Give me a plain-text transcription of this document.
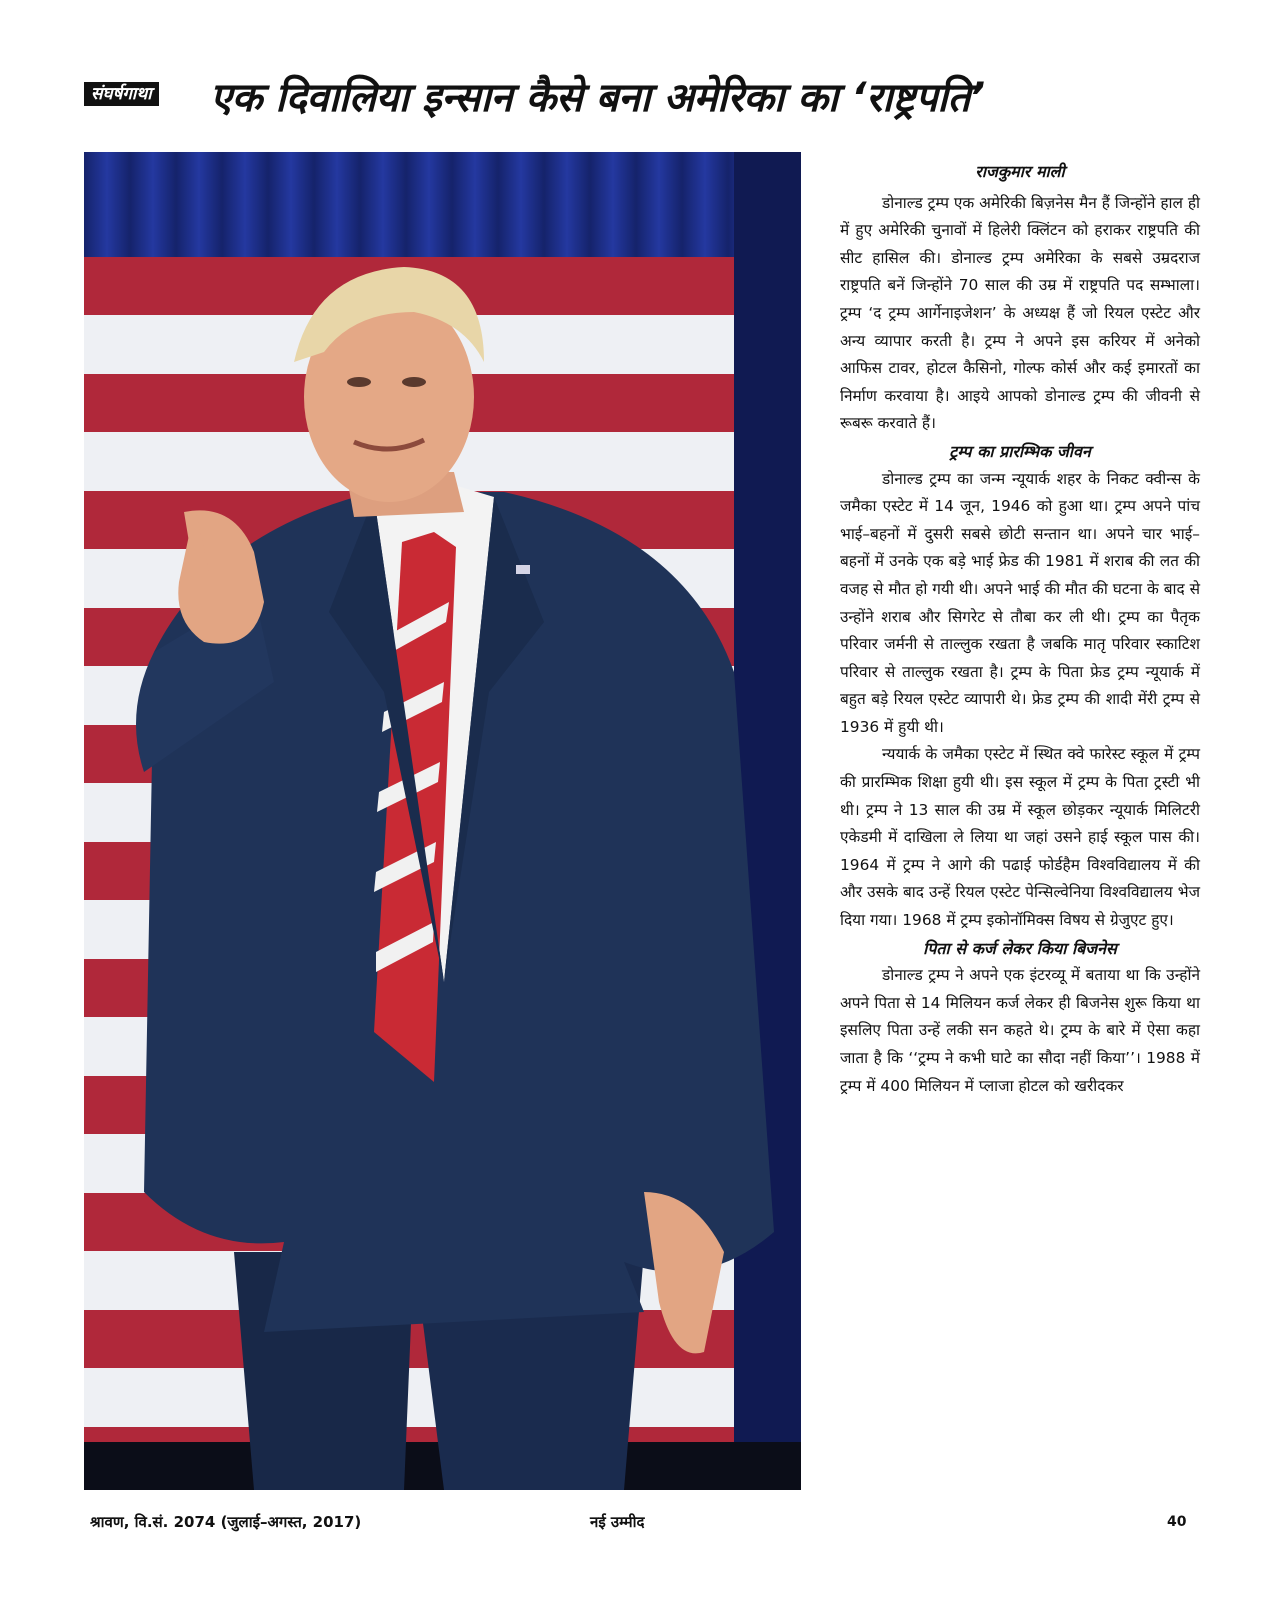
संघर्षगाथा एक दिवालिया इन्सान कैसे बना अमेरिका का ‘राष्ट्रपति’
राजकुमार माली

डोनाल्ड ट्रम्प एक अमेरिकी बिज़नेस मैन हैं जिन्होंने हाल ही में हुए अमेरिकी चुनावों में हिलेरी क्लिंटन को हराकर राष्ट्रपति की सीट हासिल की। डोनाल्ड ट्रम्प अमेरिका के सबसे उम्रदराज राष्ट्रपति बनें जिन्होंने 70 साल की उम्र में राष्ट्रपति पद सम्भाला। ट्रम्प ‘द ट्रम्प आर्गेनाइजेशन’ के अध्यक्ष हैं जो रियल एस्टेट और अन्य व्यापार करती है। ट्रम्प ने अपने इस करियर में अनेको आफिस टावर, होटल कैसिनो, गोल्फ कोर्स और कई इमारतों का निर्माण करवाया है। आइये आपको डोनाल्ड ट्रम्प की जीवनी से रूबरू करवाते हैं।

ट्रम्प का प्रारम्भिक जीवन

डोनाल्ड ट्रम्प का जन्म न्यूयार्क शहर के निकट क्वीन्स के जमैका एस्टेट में 14 जून, 1946 को हुआ था। ट्रम्प अपने पांच भाई–बहनों में दुसरी सबसे छोटी सन्तान था। अपने चार भाई–बहनों में उनके एक बड़े भाई फ्रेड की 1981 में शराब की लत की वजह से मौत हो गयी थी। अपने भाई की मौत की घटना के बाद से उन्होंने शराब और सिगरेट से तौबा कर ली थी। ट्रम्प का पैतृक परिवार जर्मनी से ताल्लुक रखता है जबकि मातृ परिवार स्काटिश परिवार से ताल्लुक रखता है। ट्रम्प के पिता फ्रेड ट्रम्प न्यूयार्क में बहुत बड़े रियल एस्टेट व्यापारी थे। फ्रेड ट्रम्प की शादी मेंरी ट्रम्प से 1936 में हुयी थी।

न्ययार्क के जमैका एस्टेट में स्थित क्वे फारेस्ट स्कूल में ट्रम्प की प्रारम्भिक शिक्षा हुयी थी। इस स्कूल में ट्रम्प के पिता ट्रस्टी भी थी। ट्रम्प ने 13 साल की उम्र में स्कूल छोड़कर न्यूयार्क मिलिटरी एकेडमी में दाखिला ले लिया था जहां उसने हाई स्कूल पास की। 1964 में ट्रम्प ने आगे की पढाई फोर्डहैम विश्वविद्यालय में की और उसके बाद उन्हें रियल एस्टेट पेन्सिल्वेनिया विश्वविद्यालय भेज दिया गया। 1968 में ट्रम्प इकोनॉमिक्स विषय से ग्रेजुएट हुए।

पिता से कर्ज लेकर किया बिजनेस

डोनाल्ड ट्रम्प ने अपने एक इंटरव्यू में बताया था कि उन्होंने अपने पिता से 14 मिलियन कर्ज लेकर ही बिजनेस शुरू किया था इसलिए पिता उन्हें लकी सन कहते थे। ट्रम्प के बारे में ऐसा कहा जाता है कि ‘‘ट्रम्प ने कभी घाटे का सौदा नहीं किया’’। 1988 में ट्रम्प में 400 मिलियन में प्लाजा होटल को खरीदकर

श्रावण, वि.सं. 2074 (जुलाई–अगस्त, 2017)	नई उम्मीद	40
